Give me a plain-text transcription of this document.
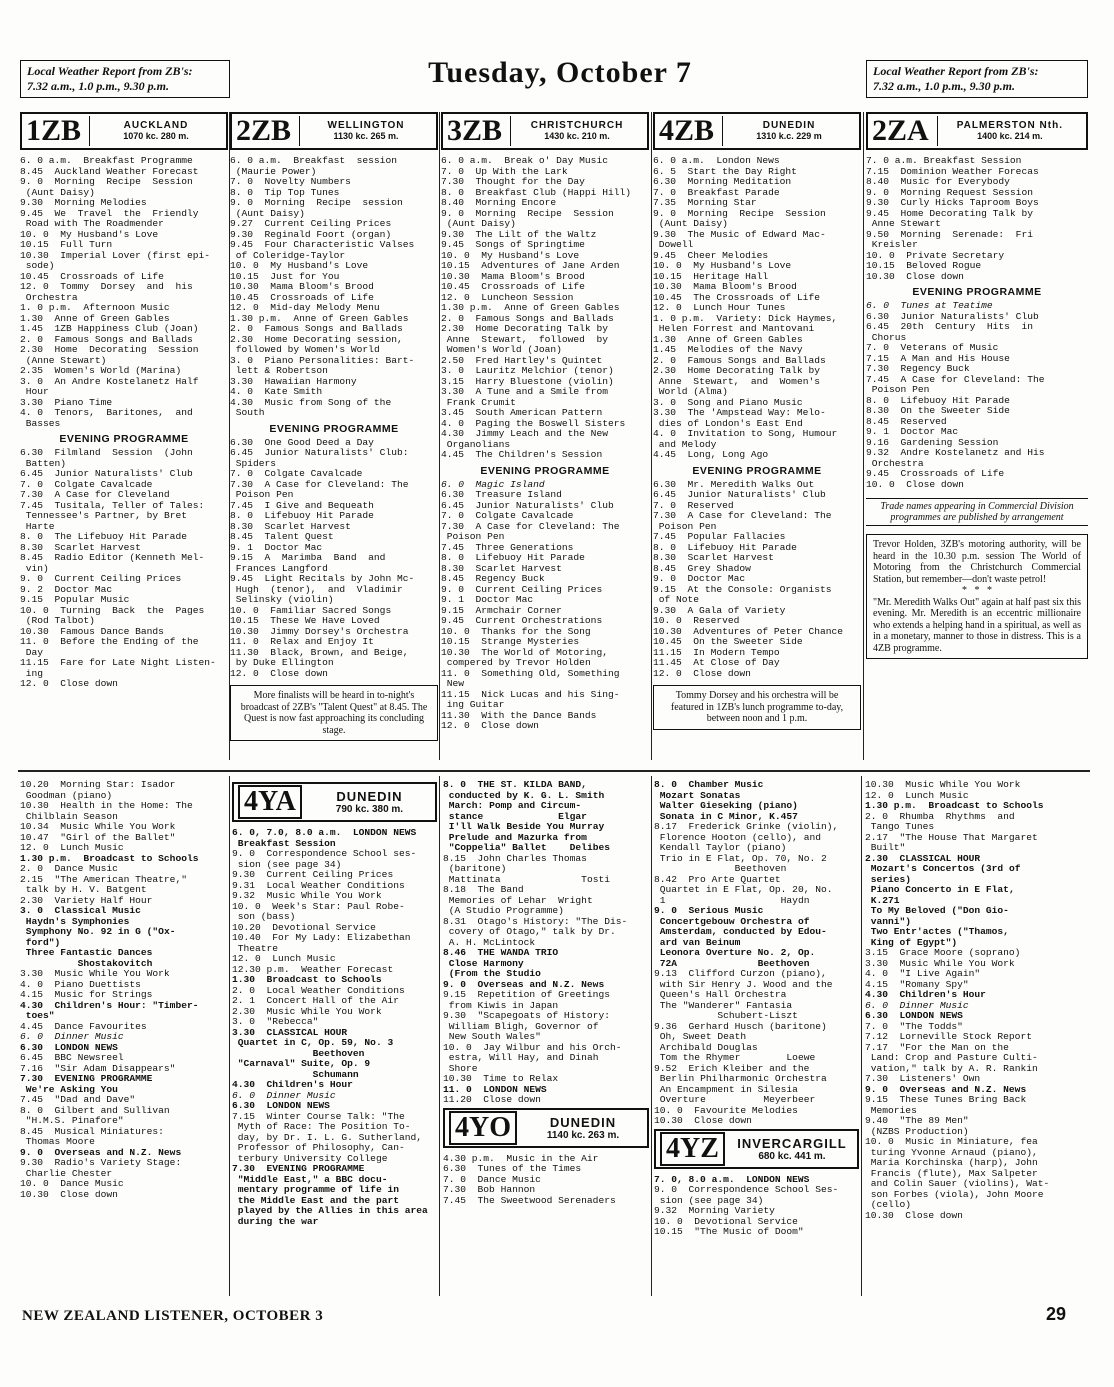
Local Weather Report from ZB's:
7.32 a.m., 1.0 p.m., 9.30 p.m.	Tuesday, October 7	Local Weather Report from ZB's:
7.32 a.m., 1.0 p.m., 9.30 p.m.
1ZB	AUCKLAND
1070 kc. 280 m.
6. 0 a.m.  Breakfast Programme
8.45  Auckland Weather Forecast
9. 0  Morning  Recipe  Session
(Aunt Daisy)
9.30  Morning Melodies
9.45  We  Travel  the  Friendly
Road with The Roadmender
10. 0  My Husband's Love
10.15  Full Turn
10.30  Imperial Lover (first epi-
sode)
10.45  Crossroads of Life
12. 0  Tommy  Dorsey  and  his
Orchestra
1. 0 p.m.  Afternoon Music
1.30  Anne of Green Gables
1.45  1ZB Happiness Club (Joan)
2. 0  Famous Songs and Ballads
2.30  Home  Decorating  Session
(Anne Stewart)
2.35  Women's World (Marina)
3. 0  An Andre Kostelanetz Half
Hour
3.30  Piano Time
4. 0  Tenors,  Baritones,  and
Basses
EVENING PROGRAMME
6.30  Filmland  Session  (John
Batten)
6.45  Junior Naturalists' Club
7. 0  Colgate Cavalcade
7.30  A Case for Cleveland
7.45  Tusitala, Teller of Tales:
Tennessee's Partner, by Bret
Harte
8. 0  The Lifebuoy Hit Parade
8.30  Scarlet Harvest
8.45  Radio Editor (Kenneth Mel-
vin)
9. 0  Current Ceiling Prices
9. 2  Doctor Mac
9.15  Popular Music
10. 0  Turning  Back  the  Pages
(Rod Talbot)
10.30  Famous Dance Bands
11. 0  Before the Ending of the
Day
11.15  Fare for Late Night Listen-
ing
12. 0  Close down
2ZB	WELLINGTON
1130 kc. 265 m.
6. 0 a.m.  Breakfast  session
(Maurie Power)
7. 0  Novelty Numbers
8. 0  Tip Top Tunes
9. 0  Morning  Recipe  session
(Aunt Daisy)
9.27  Current Ceiling Prices
9.30  Reginald Foort (organ)
9.45  Four Characteristic Valses
of Coleridge-Taylor
10. 0  My Husband's Love
10.15  Just for You
10.30  Mama Bloom's Brood
10.45  Crossroads of Life
12. 0  Mid-day Melody Menu
1.30 p.m.  Anne of Green Gables
2. 0  Famous Songs and Ballads
2.30  Home Decorating session,
followed by Women's World
3. 0  Piano Personalities: Bart-
lett & Robertson
3.30  Hawaiian Harmony
4. 0  Kate Smith
4.30  Music from Song of the
South
EVENING PROGRAMME
6.30  One Good Deed a Day
6.45  Junior Naturalists' Club:
Spiders
7. 0  Colgate Cavalcade
7.30  A Case for Cleveland: The
Poison Pen
7.45  I Give and Bequeath
8. 0  Lifebuoy Hit Parade
8.30  Scarlet Harvest
8.45  Talent Quest
9. 1  Doctor Mac
9.15  A  Marimba  Band  and
Frances Langford
9.45  Light Recitals by John Mc-
Hugh  (tenor),  and  Vladimir
Selinsky (violin)
10. 0  Familiar Sacred Songs
10.15  These We Have Loved
10.30  Jimmy Dorsey's Orchestra
11. 0  Relax and Enjoy It
11.30  Black, Brown, and Beige,
by Duke Ellington
12. 0  Close down
More finalists will be heard in to-night's broadcast of 2ZB's "Talent Quest" at 8.45. The Quest is now fast approaching its concluding stage.
3ZB	CHRISTCHURCH
1430 kc. 210 m.
6. 0 a.m.  Break o' Day Music
7. 0  Up With the Lark
7.30  Thought for the Day
8. 0  Breakfast Club (Happi Hill)
8.40  Morning Encore
9. 0  Morning  Recipe  Session
(Aunt Daisy)
9.30  The Lilt of the Waltz
9.45  Songs of Springtime
10. 0  My Husband's Love
10.15  Adventures of Jane Arden
10.30  Mama Bloom's Brood
10.45  Crossroads of Life
12. 0  Luncheon Session
1.30 p.m.  Anne of Green Gables
2. 0  Famous Songs and Ballads
2.30  Home Decorating Talk by
Anne  Stewart,  followed  by
Women's World (Joan)
2.50  Fred Hartley's Quintet
3. 0  Lauritz Melchior (tenor)
3.15  Harry Bluestone (violin)
3.30  A Tune and a Smile from
Frank Crumit
3.45  South American Pattern
4. 0  Paging the Boswell Sisters
4.30  Jimmy Leach and the New
Organolians
4.45  The Children's Session
EVENING PROGRAMME
6. 0  Magic Island
6.30  Treasure Island
6.45  Junior Naturalists' Club
7. 0  Colgate Cavalcade
7.30  A Case for Cleveland: The
Poison Pen
7.45  Three Generations
8. 0  Lifebuoy Hit Parade
8.30  Scarlet Harvest
8.45  Regency Buck
9. 0  Current Ceiling Prices
9. 1  Doctor Mac
9.15  Armchair Corner
9.45  Current Orchestrations
10. 0  Thanks for the Song
10.15  Strange Mysteries
10.30  The World of Motoring,
compered by Trevor Holden
11. 0  Something Old, Something
New
11.15  Nick Lucas and his Sing-
ing Guitar
11.30  With the Dance Bands
12. 0  Close down
4ZB	DUNEDIN
1310 k.c. 229 m
6. 0 a.m.  London News
6. 5  Start the Day Right
6.30  Morning Meditation
7. 0  Breakfast Parade
7.35  Morning Star
9. 0  Morning  Recipe  Session
(Aunt Daisy)
9.30  The Music of Edward Mac-
Dowell
9.45  Cheer Melodies
10. 0  My Husband's Love
10.15  Heritage Hall
10.30  Mama Bloom's Brood
10.45  The Crossroads of Life
12. 0  Lunch Hour Tunes
1. 0 p.m.  Variety: Dick Haymes,
Helen Forrest and Mantovani
1.30  Anne of Green Gables
1.45  Melodies of the Navy
2. 0  Famous Songs and Ballads
2.30  Home Decorating Talk by
Anne  Stewart,  and  Women's
World (Alma)
3. 0  Song and Piano Music
3.30  The 'Ampstead Way: Melo-
dies of London's East End
4. 0  Invitation to Song, Humour
and Melody
4.45  Long, Long Ago
EVENING PROGRAMME
6.30  Mr. Meredith Walks Out
6.45  Junior Naturalists' Club
7. 0  Reserved
7.30  A Case for Cleveland: The
Poison Pen
7.45  Popular Fallacies
8. 0  Lifebuoy Hit Parade
8.30  Scarlet Harvest
8.45  Grey Shadow
9. 0  Doctor Mac
9.15  At the Console: Organists
of Note
9.30  A Gala of Variety
10. 0  Reserved
10.30  Adventures of Peter Chance
10.45  On the Sweeter Side
11.15  In Modern Tempo
11.45  At Close of Day
12. 0  Close down
Tommy Dorsey and his orchestra will be featured in 1ZB's lunch programme to-day, between noon and 1 p.m.
2ZA	PALMERSTON Nth.
1400 kc. 214 m.
7. 0 a.m. Breakfast Session
7.15  Dominion Weather Forecas
8.40  Music for Everybody
9. 0  Morning Request Session
9.30  Curly Hicks Taproom Boys
9.45  Home Decorating Talk by
Anne Stewart
9.50  Morning  Serenade:  Fri
Kreisler
10. 0  Private Secretary
10.15  Beloved Rogue
10.30  Close down
EVENING PROGRAMME
6. 0  Tunes at Teatime
6.30  Junior Naturalists' Club
6.45  20th  Century  Hits  in
Chorus
7. 0  Veterans of Music
7.15  A Man and His House
7.30  Regency Buck
7.45  A Case for Cleveland: The
Poison Pen
8. 0  Lifebuoy Hit Parade
8.30  On the Sweeter Side
8.45  Reserved
9. 1  Doctor Mac
9.16  Gardening Session
9.32  Andre Kostelanetz and His
Orchestra
9.45  Crossroads of Life
10. 0  Close down
Trade names appearing in Commercial Division programmes are published by arrangement
Trevor Holden, 3ZB's motoring authority, will be heard in the 10.30 p.m. session The World of Motoring from the Christchurch Commercial Station, but remember—don't waste petrol!
*   *   *
"Mr. Meredith Walks Out" again at half past six this evening. Mr. Meredith is an eccentric millionaire who extends a helping hand in a spiritual, as well as in a monetary, manner to those in distress. This is a 4ZB programme.
10.20  Morning Star: Isador
Goodman (piano)
10.30  Health in the Home: The
Chilblain Season
10.34  Music While You Work
10.47  "Girl of the Ballet"
12. 0  Lunch Music
1.30 p.m.  Broadcast to Schools
2. 0  Dance Music
2.15  "The American Theatre,"
talk by H. V. Batgent
2.30  Variety Half Hour
3. 0  Classical Music
Haydn's Symphonies
Symphony No. 92 in G ("Ox-
ford")
Three Fantastic Dances
Shostakovitch
3.30  Music While You Work
4. 0  Piano Duettists
4.15  Music for Strings
4.30  Children's Hour: "Timber-
toes"
4.45  Dance Favourites
6. 0  Dinner Music
6.30  LONDON NEWS
6.45  BBC Newsreel
7.16  "Sir Adam Disappears"
7.30  EVENING PROGRAMME
We're Asking You
7.45  "Dad and Dave"
8. 0  Gilbert and Sullivan
"H.M.S. Pinafore"
8.45  Musical Miniatures:
Thomas Moore
9. 0  Overseas and N.Z. News
9.30  Radio's Variety Stage:
Charlie Chester
10. 0  Dance Music
10.30  Close down
4YA	DUNEDIN
790 kc. 380 m.
6. 0, 7.0, 8.0 a.m.  LONDON NEWS
Breakfast Session
9. 0  Correspondence School ses-
sion (see page 34)
9.30  Current Ceiling Prices
9.31  Local Weather Conditions
9.32  Music While You Work
10. 0  Week's Star: Paul Robe-
son (bass)
10.20  Devotional Service
10.40  For My Lady: Elizabethan
Theatre
12. 0  Lunch Music
12.30 p.m.  Weather Forecast
1.30  Broadcast to Schools
2. 0  Local Weather Conditions
2. 1  Concert Hall of the Air
2.30  Music While You Work
3. 0  "Rebecca"
3.30  CLASSICAL HOUR
Quartet in C, Op. 59, No. 3
Beethoven
"Carnaval" Suite, Op. 9
Schumann
4.30  Children's Hour
6. 0  Dinner Music
6.30  LONDON NEWS
7.15  Winter Course Talk: "The
Myth of Race: The Position To-
day, by Dr. I. L. G. Sutherland,
Professor of Philosophy, Can-
terbury University College
7.30  EVENING PROGRAMME
"Middle East," a BBC docu-
mentary programme of life in
the Middle East and the part
played by the Allies in this area
during the war
8. 0  THE ST. KILDA BAND,
conducted by K. G. L. Smith
March: Pomp and Circum-
stance             Elgar
I'll Walk Beside You Murray
Prelude and Mazurka from
"Coppelia" Ballet    Delibes
8.15  John Charles Thomas
(baritone)
Mattinata              Tosti
8.18  The Band
Memories of Lehar  Wright
(A Studio Programme)
8.31  Otago's History: "The Dis-
covery of Otago," talk by Dr.
A. H. McLintock
8.46  THE WANDA TRIO
Close Harmony
(From the Studio
9. 0  Overseas and N.Z. News
9.15  Repetition of Greetings
from Kiwis in Japan
9.30  "Scapegoats of History:
William Bligh, Governor of
New South Wales"
10. 0  Jay Wilbur and his Orch-
estra, Will Hay, and Dinah
Shore
10.30  Time to Relax
11. 0  LONDON NEWS
11.20  Close down
4YO	DUNEDIN
1140 kc. 263 m.
4.30 p.m.  Music in the Air
6.30  Tunes of the Times
7. 0  Dance Music
7.30  Bob Hannon
7.45  The Sweetwood Serenaders
8. 0  Chamber Music
Mozart Sonatas
Walter Gieseking (piano)
Sonata in C Minor, K.457
8.17  Frederick Grinke (violin),
Florence Hooton (cello), and
Kendall Taylor (piano)
Trio in E Flat, Op. 70, No. 2
Beethoven
8.42  Pro Arte Quartet
Quartet in E Flat, Op. 20, No.
1                    Haydn
9. 0  Serious Music
Concertgebouw Orchestra of
Amsterdam, conducted by Edou-
ard van Beinum
Leonora Overture No. 2, Op.
72A              Beethoven
9.13  Clifford Curzon (piano),
with Sir Henry J. Wood and the
Queen's Hall Orchestra
The "Wanderer" Fantasia
Schubert-Liszt
9.36  Gerhard Husch (baritone)
Oh, Sweet Death
Archibald Douglas
Tom the Rhymer        Loewe
9.52  Erich Kleiber and the
Berlin Philharmonic Orchestra
An Encampment in Silesia
Overture          Meyerbeer
10. 0  Favourite Melodies
10.30  Close down
4YZ	INVERCARGILL
680 kc. 441 m.
7. 0, 8.0 a.m.  LONDON NEWS
9. 0  Correspondence School Ses-
sion (see page 34)
9.32  Morning Variety
10. 0  Devotional Service
10.15  "The Music of Doom"
10.30  Music While You Work
12. 0  Lunch Music
1.30 p.m.  Broadcast to Schools
2. 0  Rhumba  Rhythms  and
Tango Tunes
2.17  "The House That Margaret
Built"
2.30  CLASSICAL HOUR
Mozart's Concertos (3rd of
series)
Piano Concerto in E Flat,
K.271
To My Beloved ("Don Gio-
vanni")
Two Entr'actes ("Thamos,
King of Egypt")
3.15  Grace Moore (soprano)
3.30  Music While You Work
4. 0  "I Live Again"
4.15  "Romany Spy"
4.30  Children's Hour
6. 0  Dinner Music
6.30  LONDON NEWS
7. 0  "The Todds"
7.12  Lorneville Stock Report
7.17  "For the Man on the
Land: Crop and Pasture Culti-
vation," talk by A. R. Rankin
7.30  Listeners' Own
9. 0  Overseas and N.Z. News
9.15  These Tunes Bring Back
Memories
9.40  "The 89 Men"
(NZBS Production)
10. 0  Music in Miniature, fea
turing Yvonne Arnaud (piano),
Maria Korchinska (harp), John
Francis (flute), Max Salpeter
and Colin Sauer (violins), Wat-
son Forbes (viola), John Moore
(cello)
10.30  Close down
NEW ZEALAND LISTENER, OCTOBER 3	29
